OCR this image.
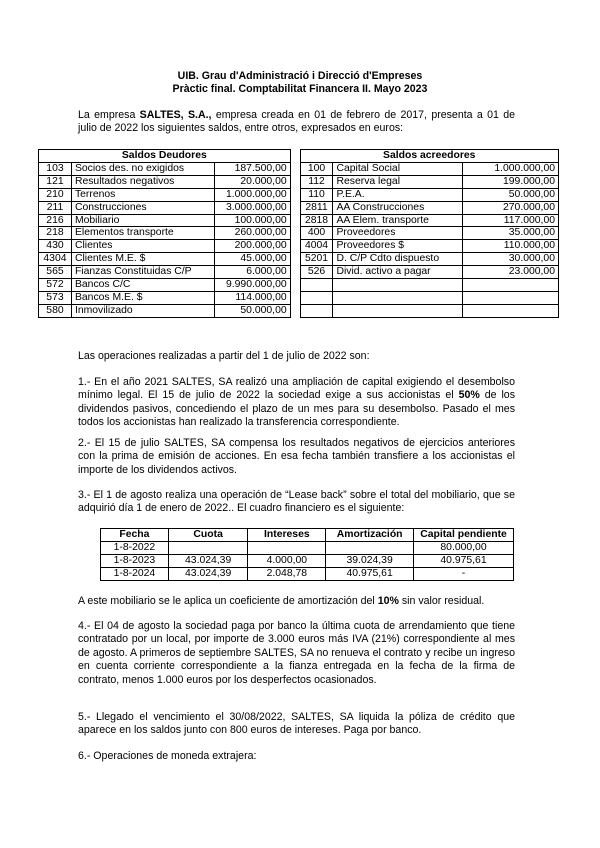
UIB. Grau d'Administració i Direcció d'Empreses
Pràctic final. Comptabilitat Financera II. Mayo 2023
La empresa SALTES, S.A., empresa creada en 01 de febrero de 2017, presenta a 01 de julio de 2022 los siguientes saldos, entre otros, expresados en euros:
Saldos Deudores				Saldos acreedores		
103	Socios des. no exigidos	187.500,00		100	Capital Social	1.000.000,00
121	Resultados negativos	20.000,00		112	Reserva legal	199.000,00
210	Terrenos	1.000.000,00		110	P.E.A.	50.000,00
211	Construcciones	3.000.000,00		2811	AA Construcciones	270.000,00
216	Mobiliario	100.000,00		2818	AA Elem. transporte	117.000,00
218	Elementos transporte	260.000,00		400	Proveedores	35.000,00
430	Clientes	200.000,00		4004	Proveedores $	110.000,00
4304	Clientes M.E. $	45.000,00		5201	D. C/P Cdto dispuesto	30.000,00
565	Fianzas Constituidas C/P	6.000,00		526	Divid. activo a pagar	23.000,00
572	Bancos C/C	9.990.000,00				
573	Bancos M.E. $	114.000,00				
580	Inmovilizado	50.000,00				
Las operaciones realizadas a partir del 1 de julio de 2022 son:
1.- En el año 2021 SALTES, SA realizó una ampliación de capital exigiendo el desembolso mínimo legal. El 15 de julio de 2022 la sociedad exige a sus accionistas el 50% de los dividendos pasivos, concediendo el plazo de un mes para su desembolso. Pasado el mes todos los accionistas han realizado la transferencia correspondiente.
2.- El 15 de julio SALTES, SA compensa los resultados negativos de ejercicios anteriores con la prima de emisión de acciones. En esa fecha también transfiere a los accionistas el importe de los dividendos activos.
3.- El 1 de agosto realiza una operación de “Lease back” sobre el total del mobiliario, que se adquirió día 1 de enero de 2022.. El cuadro financiero es el siguiente:
Fecha	Cuota	Intereses	Amortización	Capital pendiente
1-8-2022				80.000,00
1-8-2023	43.024,39	4.000,00	39.024,39	40.975,61
1-8-2024	43.024,39	2.048,78	40.975,61	-
A este mobiliario se le aplica un coeficiente de amortización del 10% sin valor residual.
4.- El 04 de agosto la sociedad paga por banco la última cuota de arrendamiento que tiene contratado por un local, por importe de 3.000 euros más IVA (21%) correspondiente al mes de agosto. A primeros de septiembre SALTES, SA no renueva el contrato y recibe un ingreso en cuenta corriente correspondiente a la fianza entregada en la fecha de la firma de contrato, menos 1.000 euros por los desperfectos ocasionados.
5.- Llegado el vencimiento el 30/08/2022, SALTES, SA liquida la póliza de crédito que aparece en los saldos junto con 800 euros de intereses. Paga por banco.
6.- Operaciones de moneda extrajera:
